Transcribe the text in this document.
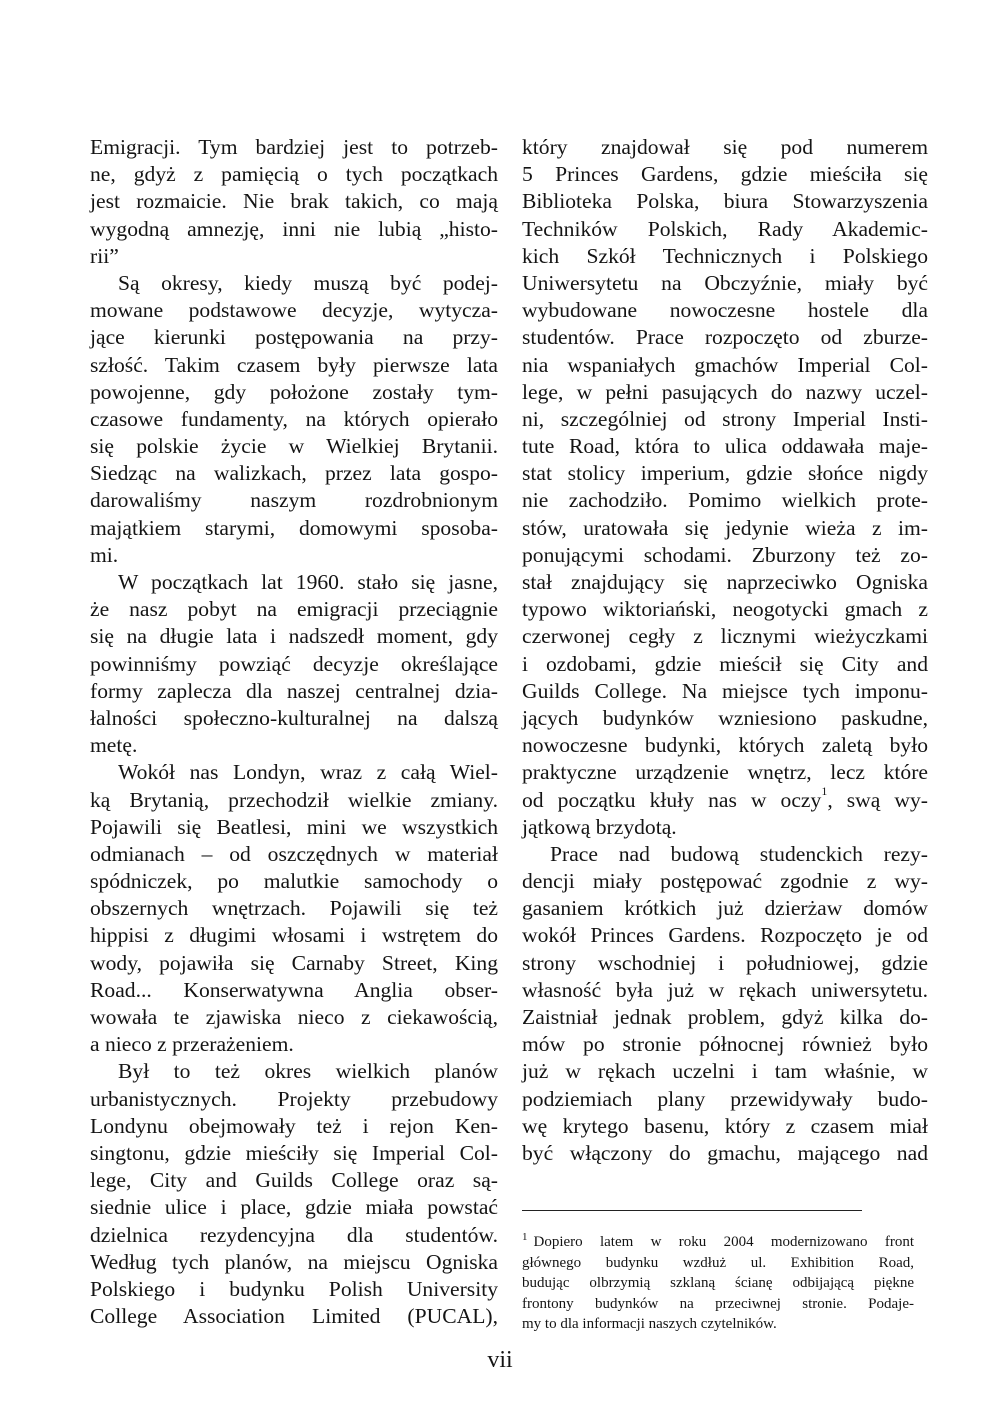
Emigracji. Tym bardziej jest to potrzeb-
ne, gdyż z pamięcią o tych początkach
jest rozmaicie. Nie brak takich, co mają
wygodną amnezję, inni nie lubią „histo-
rii”
Są okresy, kiedy muszą być podej-
mowane podstawowe decyzje, wytycza-
jące kierunki postępowania na przy-
szłość. Takim czasem były pierwsze lata
powojenne, gdy położone zostały tym-
czasowe fundamenty, na których opierało
się polskie życie w Wielkiej Brytanii.
Siedząc na walizkach, przez lata gospo-
darowaliśmy naszym rozdrobnionym
majątkiem starymi, domowymi sposoba-
mi.
W początkach lat 1960. stało się jasne,
że nasz pobyt na emigracji przeciągnie
się na długie lata i nadszedł moment, gdy
powinniśmy powziąć decyzje określające
formy zaplecza dla naszej centralnej dzia-
łalności społeczno-kulturalnej na dalszą
metę.
Wokół nas Londyn, wraz z całą Wiel-
ką Brytanią, przechodził wielkie zmiany.
Pojawili się Beatlesi, mini we wszystkich
odmianach – od oszczędnych w materiał
spódniczek, po malutkie samochody o
obszernych wnętrzach. Pojawili się też
hippisi z długimi włosami i wstrętem do
wody, pojawiła się Carnaby Street, King
Road... Konserwatywna Anglia obser-
wowała te zjawiska nieco z ciekawością,
a nieco z przerażeniem.
Był to też okres wielkich planów
urbanistycznych. Projekty przebudowy
Londynu obejmowały też i rejon Ken-
singtonu, gdzie mieściły się Imperial Col-
lege, City and Guilds College oraz są-
siednie ulice i place, gdzie miała powstać
dzielnica rezydencyjna dla studentów.
Według tych planów, na miejscu Ogniska
Polskiego i budynku Polish University
College Association Limited (PUCAL),
który znajdował się pod numerem
5 Princes Gardens, gdzie mieściła się
Biblioteka Polska, biura Stowarzyszenia
Techników Polskich, Rady Akademic-
kich Szkół Technicznych i Polskiego
Uniwersytetu na Obczyźnie, miały być
wybudowane nowoczesne hostele dla
studentów. Prace rozpoczęto od zburze-
nia wspaniałych gmachów Imperial Col-
lege, w pełni pasujących do nazwy uczel-
ni, szczególniej od strony Imperial Insti-
tute Road, która to ulica oddawała maje-
stat stolicy imperium, gdzie słońce nigdy
nie zachodziło. Pomimo wielkich prote-
stów, uratowała się jedynie wieża z im-
ponującymi schodami. Zburzony też zo-
stał znajdujący się naprzeciwko Ogniska
typowo wiktoriański, neogotycki gmach z
czerwonej cegły z licznymi wieżyczkami
i ozdobami, gdzie mieścił się City and
Guilds College. Na miejsce tych imponu-
jących budynków wzniesiono paskudne,
nowoczesne budynki, których zaletą było
praktyczne urządzenie wnętrz, lecz które
od początku kłuły nas w oczy$^1$, swą wy-
jątkową brzydotą.
Prace nad budową studenckich rezy-
dencji miały postępować zgodnie z wy-
gasaniem krótkich już dzierżaw domów
wokół Princes Gardens. Rozpoczęto je od
strony wschodniej i południowej, gdzie
własność była już w rękach uniwersytetu.
Zaistniał jednak problem, gdyż kilka do-
mów po stronie północnej również było
już w rękach uczelni i tam właśnie, w
podziemiach plany przewidywały budo-
wę krytego basenu, który z czasem miał
być włączony do gmachu, mającego nad
$^1$ Dopiero latem w roku 2004 modernizowano front
głównego budynku wzdłuż ul. Exhibition Road,
budując olbrzymią szklaną ścianę odbijającą piękne
frontony budynków na przeciwnej stronie. Podaje-
my to dla informacji naszych czytelników.
vii
